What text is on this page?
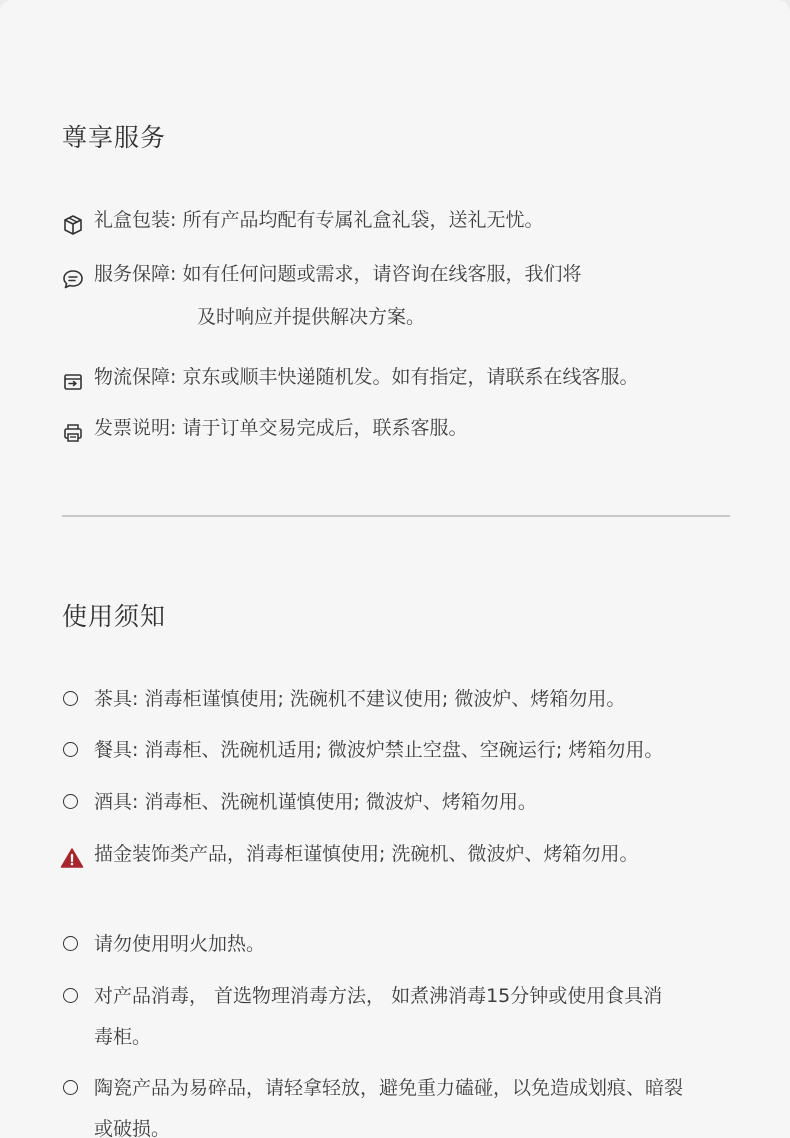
尊享服务
礼盒包装: 所有产品均配有专属礼盒礼袋，送礼无忧。
服务保障: 如有任何问题或需求，请咨询在线客服，我们将
及时响应并提供解决方案。
物流保障: 京东或顺丰快递随机发。如有指定，请联系在线客服。
发票说明: 请于订单交易完成后，联系客服。
使用须知
茶具: 消毒柜谨慎使用; 洗碗机不建议使用; 微波炉、烤箱勿用。
餐具: 消毒柜、洗碗机适用; 微波炉禁止空盘、空碗运行; 烤箱勿用。
酒具: 消毒柜、洗碗机谨慎使用; 微波炉、烤箱勿用。
描金装饰类产品，消毒柜谨慎使用; 洗碗机、微波炉、烤箱勿用。
请勿使用明火加热。
对产品消毒， 首选物理消毒方法， 如煮沸消毒15分钟或使用食具消
毒柜。
陶瓷产品为易碎品，请轻拿轻放，避免重力磕碰，以免造成划痕、暗裂
或破损。
